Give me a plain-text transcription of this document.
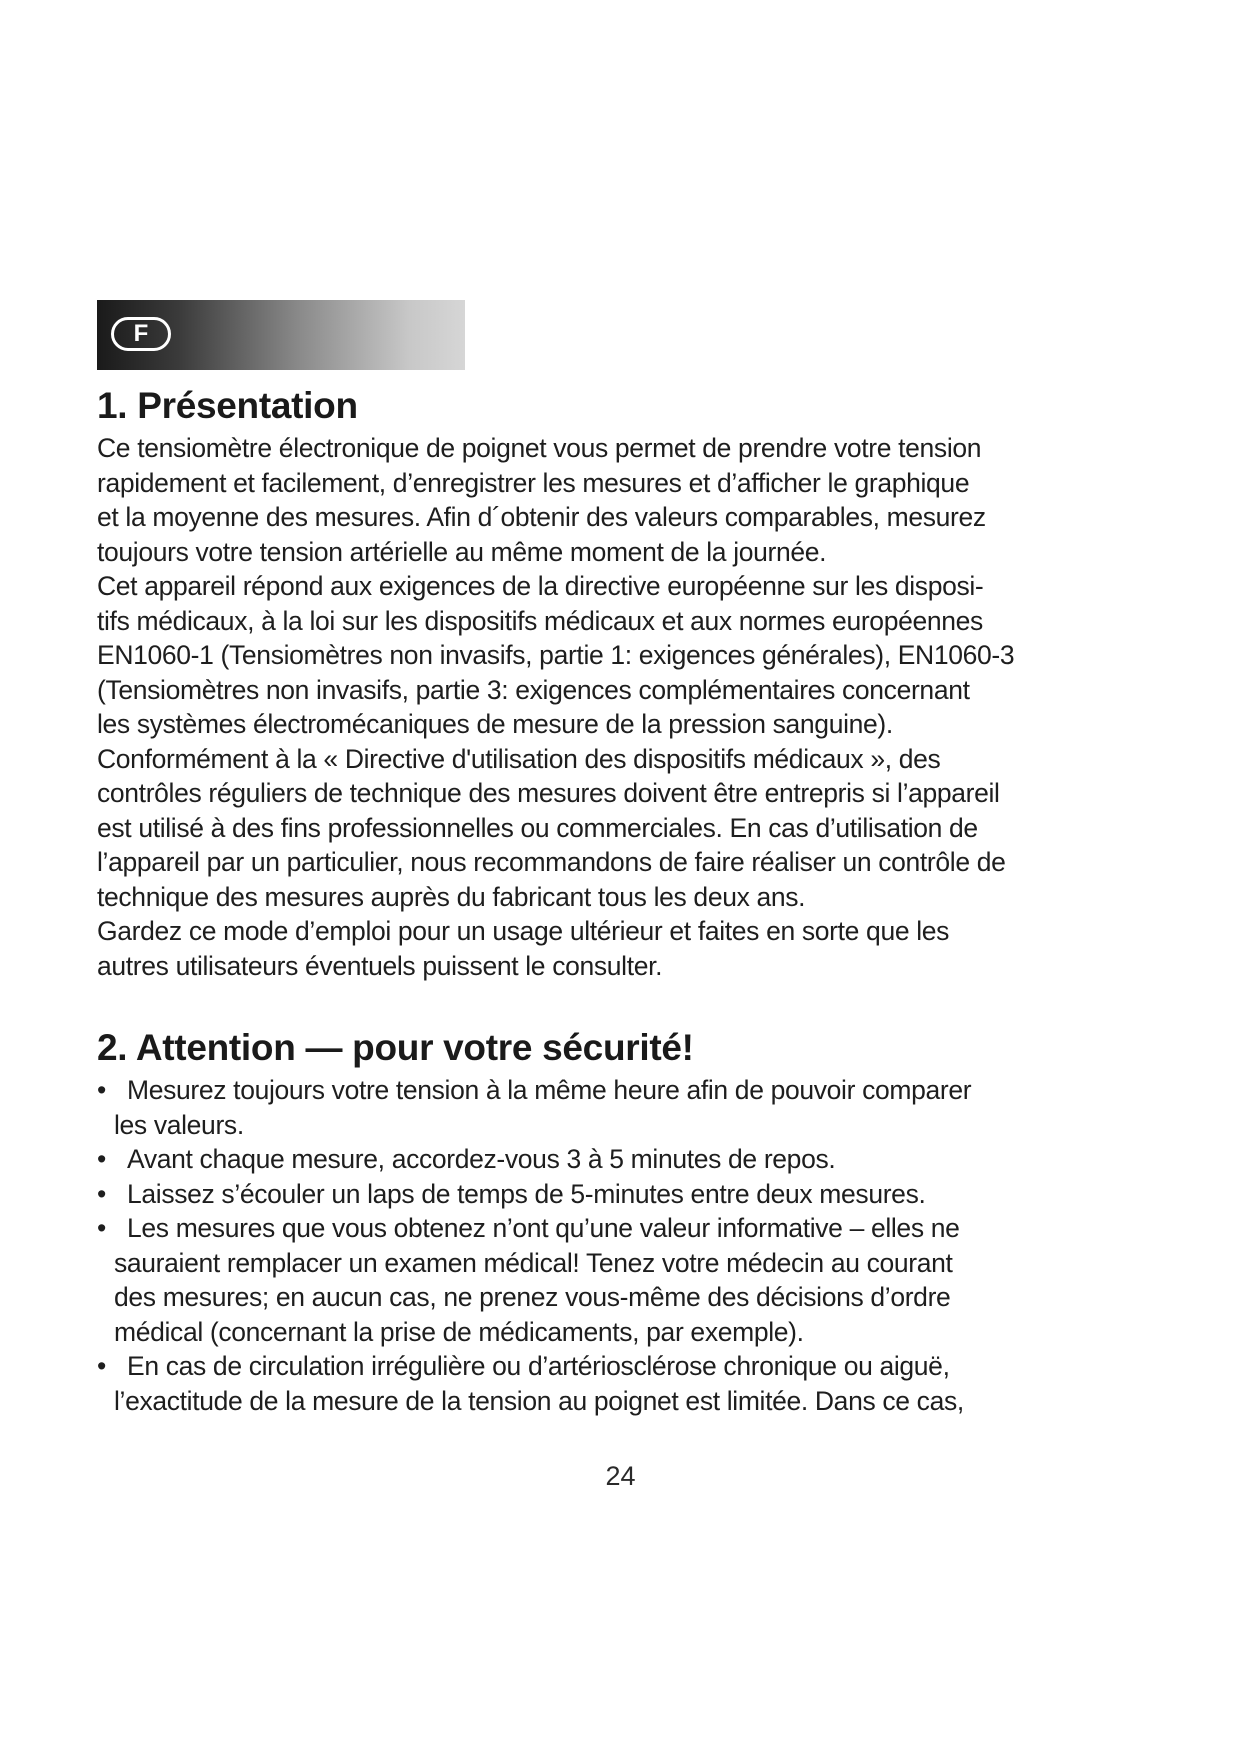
F
1. Présentation

Ce tensiomètre électronique de poignet vous permet de prendre votre tension

rapidement et facilement, d’enregistrer les mesures et d’afficher le graphique

et la moyenne des mesures. Afin d´obtenir des valeurs comparables, mesurez

toujours votre tension artérielle au même moment de la journée.

Cet appareil répond aux exigences de la directive européenne sur les disposi-

tifs médicaux, à la loi sur les dispositifs médicaux et aux normes européennes

EN1060-1 (Tensiomètres non invasifs, partie 1: exigences générales), EN1060-3

(Tensiomètres non invasifs, partie 3: exigences complémentaires concernant

les systèmes électromécaniques de mesure de la pression sanguine).

Conformément à la « Directive d'utilisation des dispositifs médicaux », des

contrôles réguliers de technique des mesures doivent être entrepris si l’appareil

est utilisé à des fins professionnelles ou commerciales. En cas d’utilisation de

l’appareil par un particulier, nous recommandons de faire réaliser un contrôle de

technique des mesures auprès du fabricant tous les deux ans.

Gardez ce mode d’emploi pour un usage ultérieur et faites en sorte que les

autres utilisateurs éventuels puissent le consulter.

2. Attention — pour votre sécurité!
• Mesurez toujours votre tension à la même heure afin de pouvoir comparer
les valeurs.
• Avant chaque mesure, accordez-vous 3 à 5 minutes de repos.
• Laissez s’écouler un laps de temps de 5-minutes entre deux mesures.
• Les mesures que vous obtenez n’ont qu’une valeur informative – elles ne
sauraient remplacer un examen médical! Tenez votre médecin au courant
des mesures; en aucun cas, ne prenez vous-même des décisions d’ordre
médical (concernant la prise de médicaments, par exemple).
• En cas de circulation irrégulière ou d’artériosclérose chronique ou aiguë,
l’exactitude de la mesure de la tension au poignet est limitée. Dans ce cas,
24
